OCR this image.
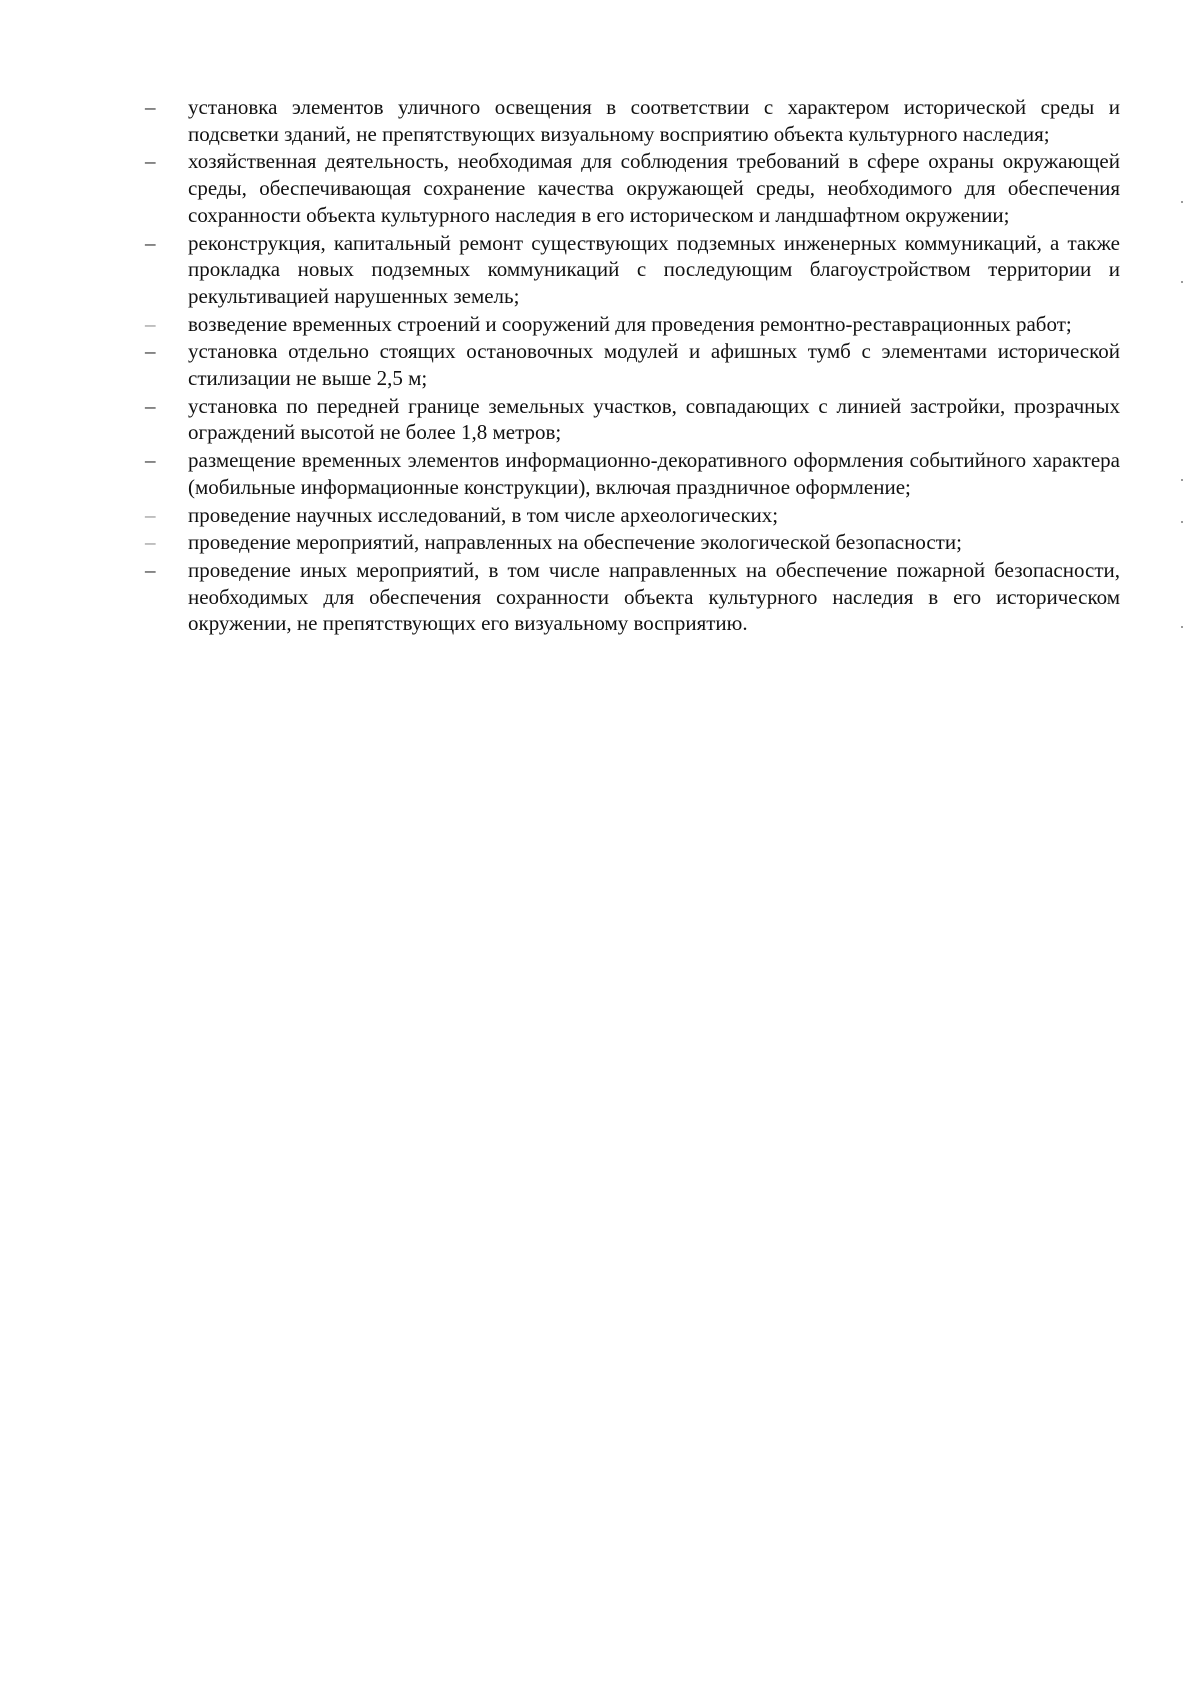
–	установка элементов уличного освещения в соответствии с характером исторической среды и подсветки зданий, не препятствующих визуальному восприятию объекта культурного наследия;
–	хозяйственная деятельность, необходимая для соблюдения требований в сфере охраны окружающей среды, обеспечивающая сохранение качества окружающей среды, необходимого для обеспечения сохранности объекта культурного наследия в его историческом и ландшафтном окружении;
–	реконструкция, капитальный ремонт существующих подземных инженерных коммуникаций, а также прокладка новых подземных коммуникаций с последующим благоустройством территории и рекультивацией нарушенных земель;
–	возведение временных строений и сооружений для проведения ремонтно-реставрационных работ;
–	установка отдельно стоящих остановочных модулей и афишных тумб с элементами исторической стилизации не выше 2,5 м;
–	установка по передней границе земельных участков, совпадающих с линией застройки, прозрачных ограждений высотой не более 1,8 метров;
–	размещение временных элементов информационно-декоративного оформления событийного характера (мобильные информационные конструкции), включая праздничное оформление;
–	проведение научных исследований, в том числе археологических;
–	проведение мероприятий, направленных на обеспечение экологической безопасности;
–	проведение иных мероприятий, в том числе направленных на обеспечение пожарной безопасности, необходимых для обеспечения сохранности объекта культурного наследия в его историческом окружении, не препятствующих его визуальному восприятию.
